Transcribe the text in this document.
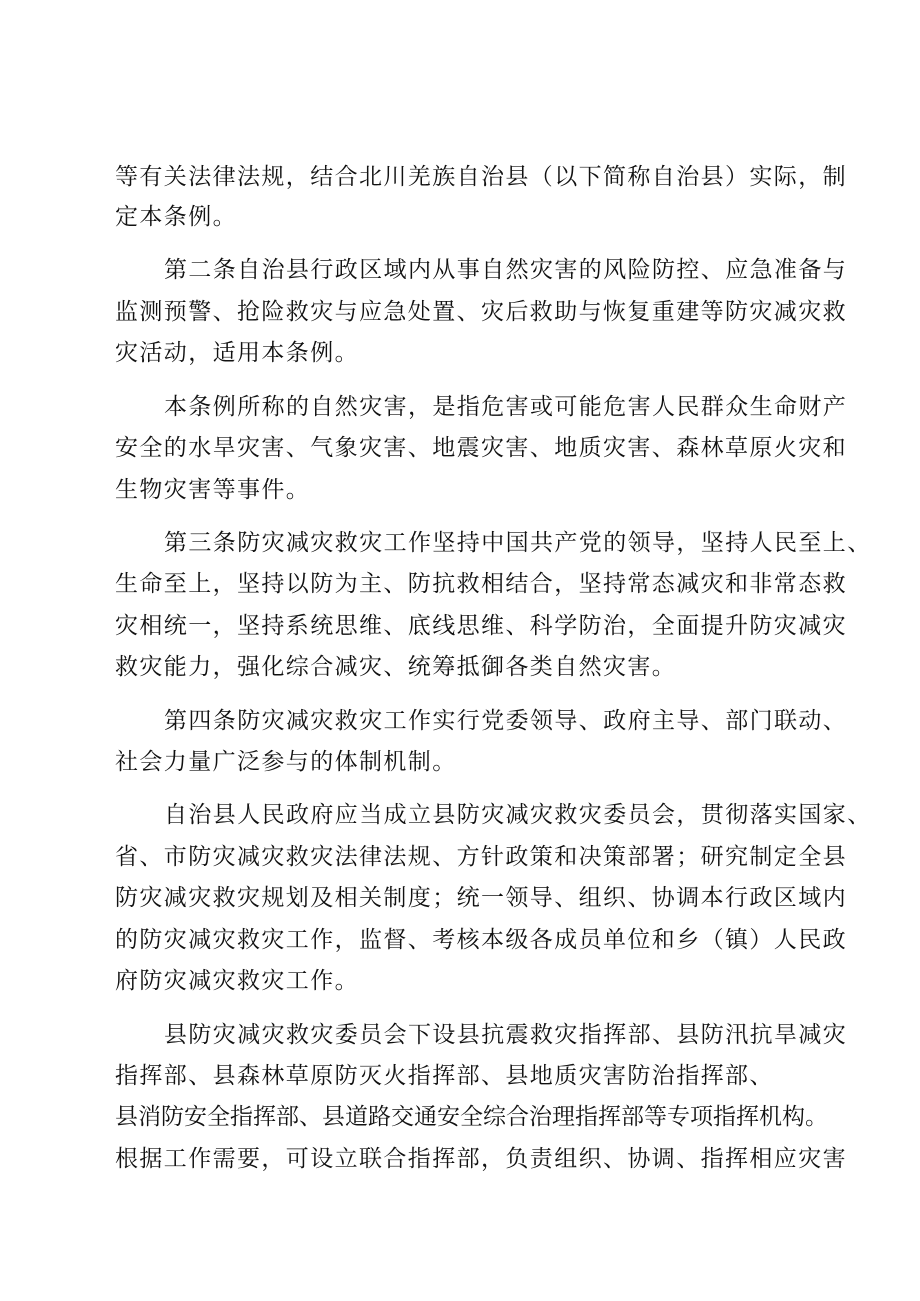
等有关法律法规，结合北川羌族自治县（以下简称自治县）实际，制
定本条例。
第二条自治县行政区域内从事自然灾害的风险防控、应急准备与
监测预警、抢险救灾与应急处置、灾后救助与恢复重建等防灾减灾救
灾活动，适用本条例。
本条例所称的自然灾害，是指危害或可能危害人民群众生命财产
安全的水旱灾害、气象灾害、地震灾害、地质灾害、森林草原火灾和
生物灾害等事件。
第三条防灾减灾救灾工作坚持中国共产党的领导，坚持人民至上、
生命至上，坚持以防为主、防抗救相结合，坚持常态减灾和非常态救
灾相统一，坚持系统思维、底线思维、科学防治，全面提升防灾减灾
救灾能力，强化综合减灾、统筹抵御各类自然灾害。
第四条防灾减灾救灾工作实行党委领导、政府主导、部门联动、
社会力量广泛参与的体制机制。
自治县人民政府应当成立县防灾减灾救灾委员会，贯彻落实国家、
省、市防灾减灾救灾法律法规、方针政策和决策部署；研究制定全县
防灾减灾救灾规划及相关制度；统一领导、组织、协调本行政区域内
的防灾减灾救灾工作，监督、考核本级各成员单位和乡（镇）人民政
府防灾减灾救灾工作。
县防灾减灾救灾委员会下设县抗震救灾指挥部、县防汛抗旱减灾
指挥部、县森林草原防灭火指挥部、县地质灾害防治指挥部、
县消防安全指挥部、县道路交通安全综合治理指挥部等专项指挥机构。
根据工作需要，可设立联合指挥部，负责组织、协调、指挥相应灾害
